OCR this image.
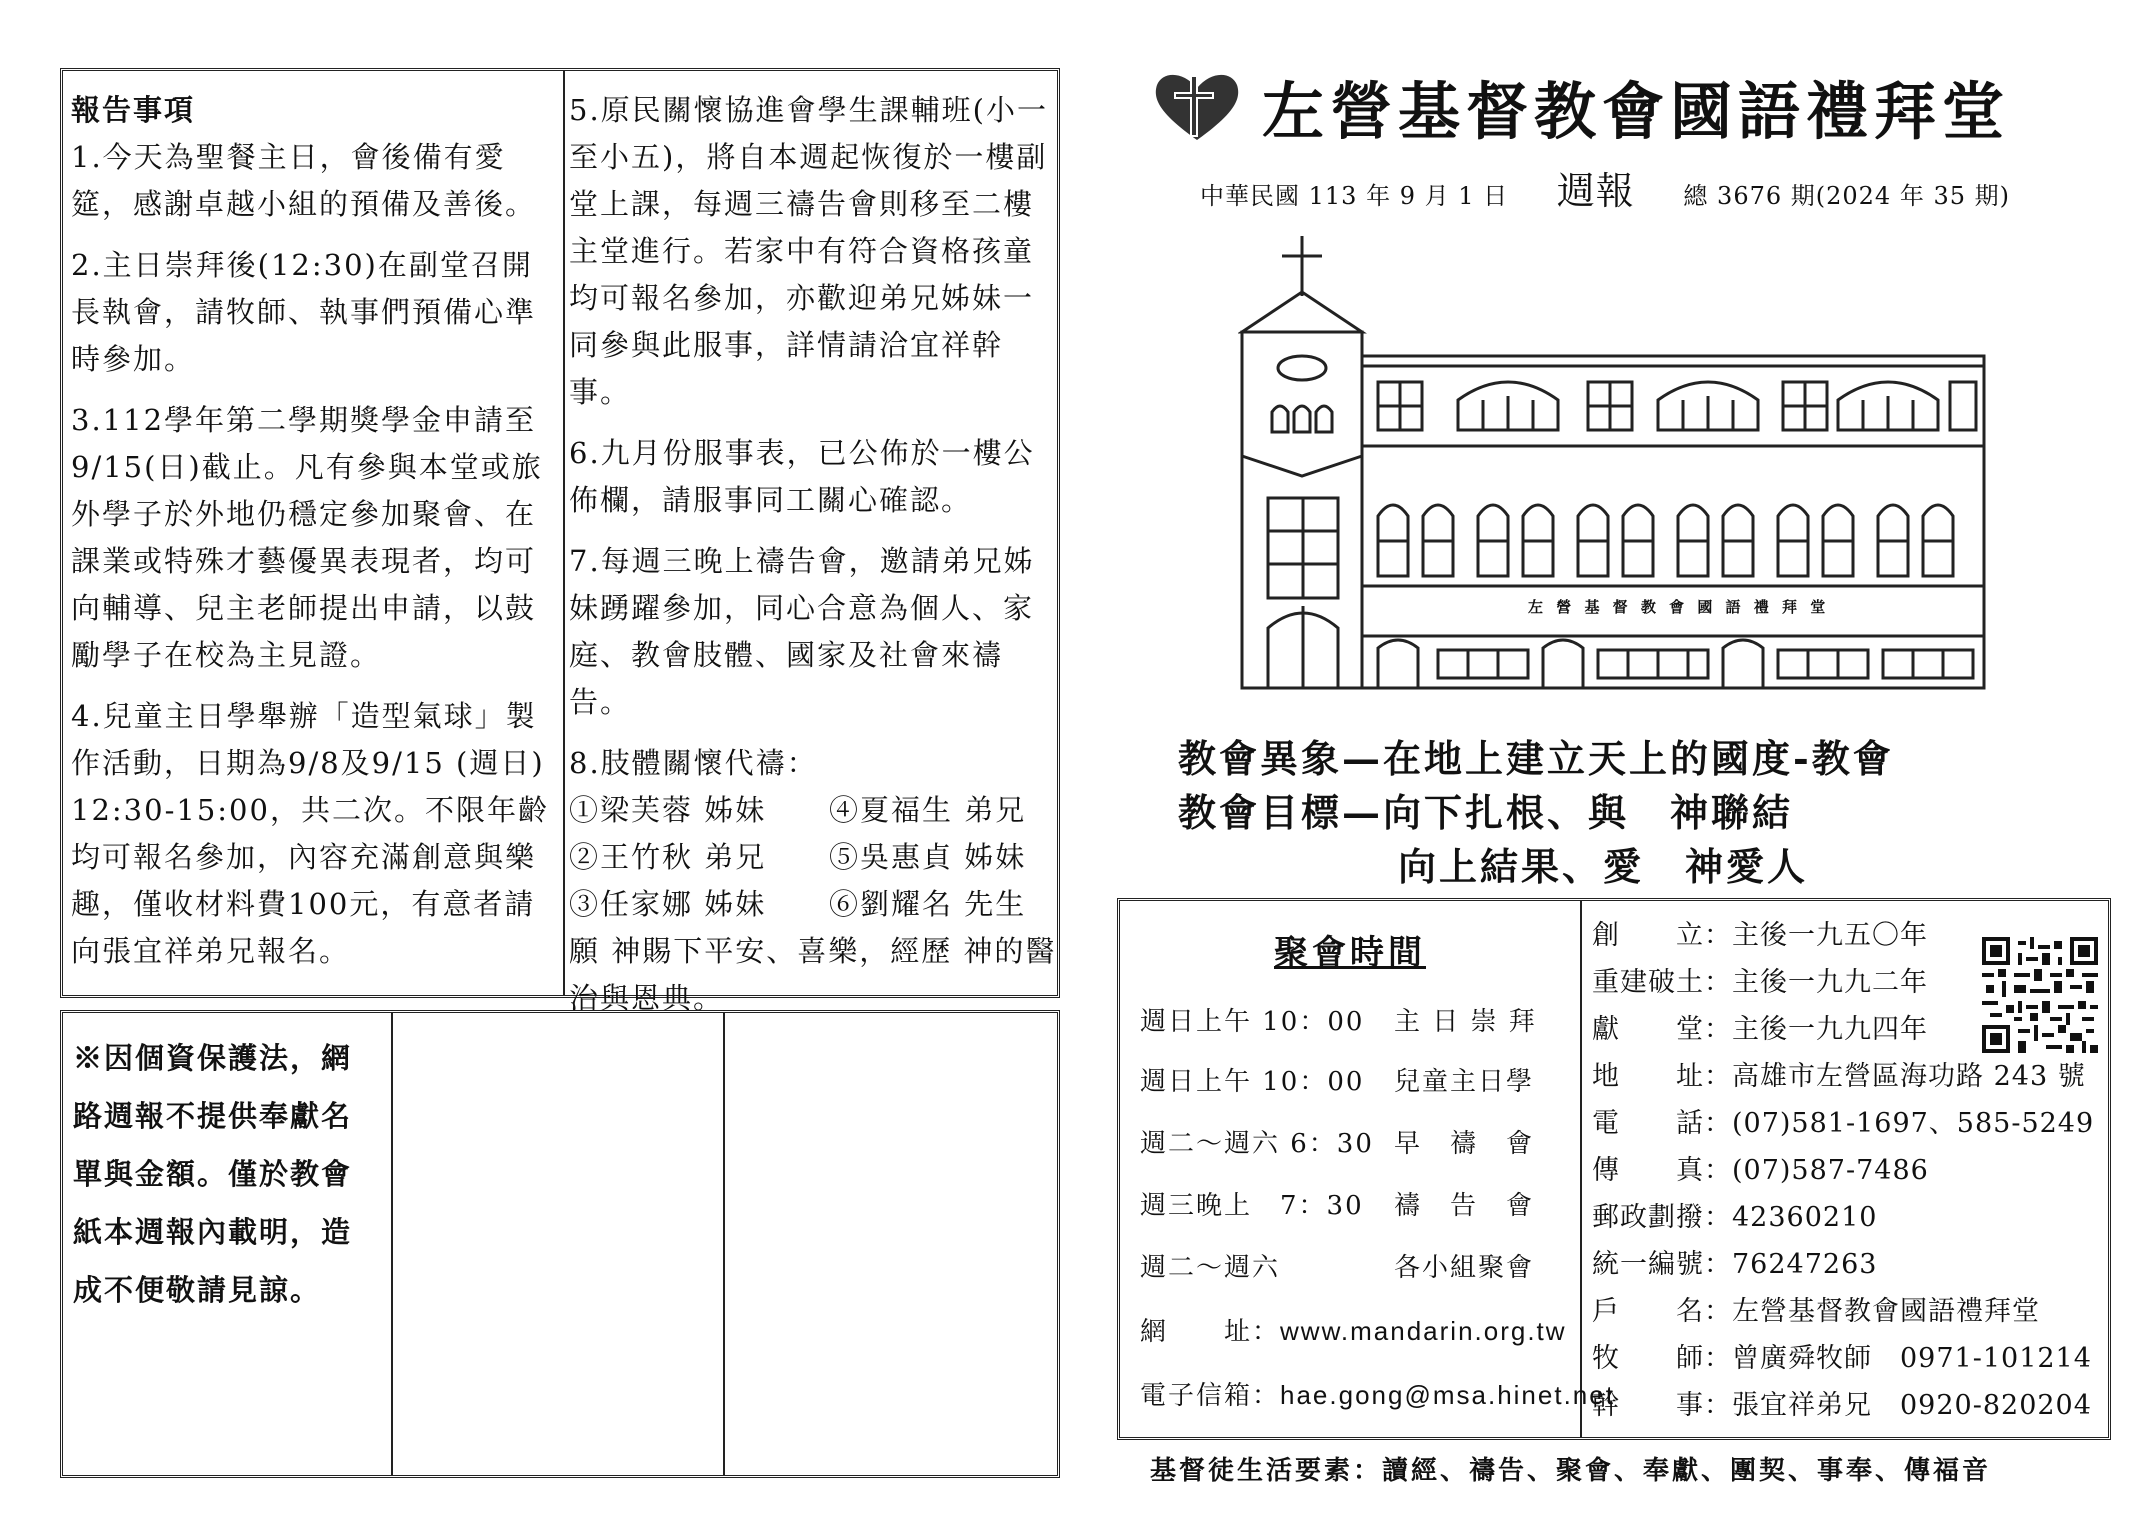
報告事項

1.今天為聖餐主日，會後備有愛筵，感謝卓越小組的預備及善後。

2.主日崇拜後(12:30)在副堂召開長執會，請牧師、執事們預備心準時參加。

3.112學年第二學期獎學金申請至9/15(日)截止。凡有參與本堂或旅外學子於外地仍穩定參加聚會、在課業或特殊才藝優異表現者，均可向輔導、兒主老師提出申請，以鼓勵學子在校為主見證。

4.兒童主日學舉辦「造型氣球」製作活動，日期為9/8及9/15 (週日) 12:30-15:00，共二次。不限年齡均可報名參加，內容充滿創意與樂趣，僅收材料費100元，有意者請向張宜祥弟兄報名。

5.原民關懷協進會學生課輔班(小一至小五)，將自本週起恢復於一樓副堂上課，每週三禱告會則移至二樓主堂進行。若家中有符合資格孩童均可報名參加，亦歡迎弟兄姊妹一同參與此服事，詳情請洽宜祥幹事。

6.九月份服事表，已公佈於一樓公佈欄，請服事同工關心確認。

7.每週三晚上禱告會，邀請弟兄姊妹踴躍參加，同心合意為個人、家庭、教會肢體、國家及社會來禱告。

8.肢體關懷代禱：

①梁芙蓉 姊妹	④夏福生 弟兄
②王竹秋 弟兄	⑤吳惠貞 姊妹
③任家娜 姊妹	⑥劉耀名 先生

願 神賜下平安、喜樂，經歷 神的醫治與恩典。

※因個資保護法，網路週報不提供奉獻名單與金額。僅於教會紙本週報內載明，造成不便敬請見諒。
左營基督教會國語禮拜堂
中華民國 113 年 9 月 1 日 週報 總 3676 期(2024 年 35 期)
左 營 基 督 教 會 國 語 禮 拜 堂
教會異象—在地上建立天上的國度-教會
教會目標—向下扎根、與　神聯結
向上結果、愛　神愛人
聚會時間
週日上午 10：00 主 日 崇 拜
週日上午 10：00 兒童主日學
週二～週六 6：30 早　禱　會
週三晚上　7：30 禱　告　會
週二～週六	各小組聚會
網　　址：www.mandarin.org.tw
電子信箱：hae.gong@msa.hinet.net
創　　立：主後一九五〇年
重建破土：主後一九九二年
獻　　堂：主後一九九四年
地　　址：高雄市左營區海功路 243 號
電　　話：(07)581-1697、585-5249
傳　　真：(07)587-7486
郵政劃撥：42360210
統一編號：76247263
戶　　名：左營基督教會國語禮拜堂
牧　　師：曾廣舜牧師　0971-101214
幹　　事：張宜祥弟兄　0920-820204
基督徒生活要素：讀經、禱告、聚會、奉獻、團契、事奉、傳福音
